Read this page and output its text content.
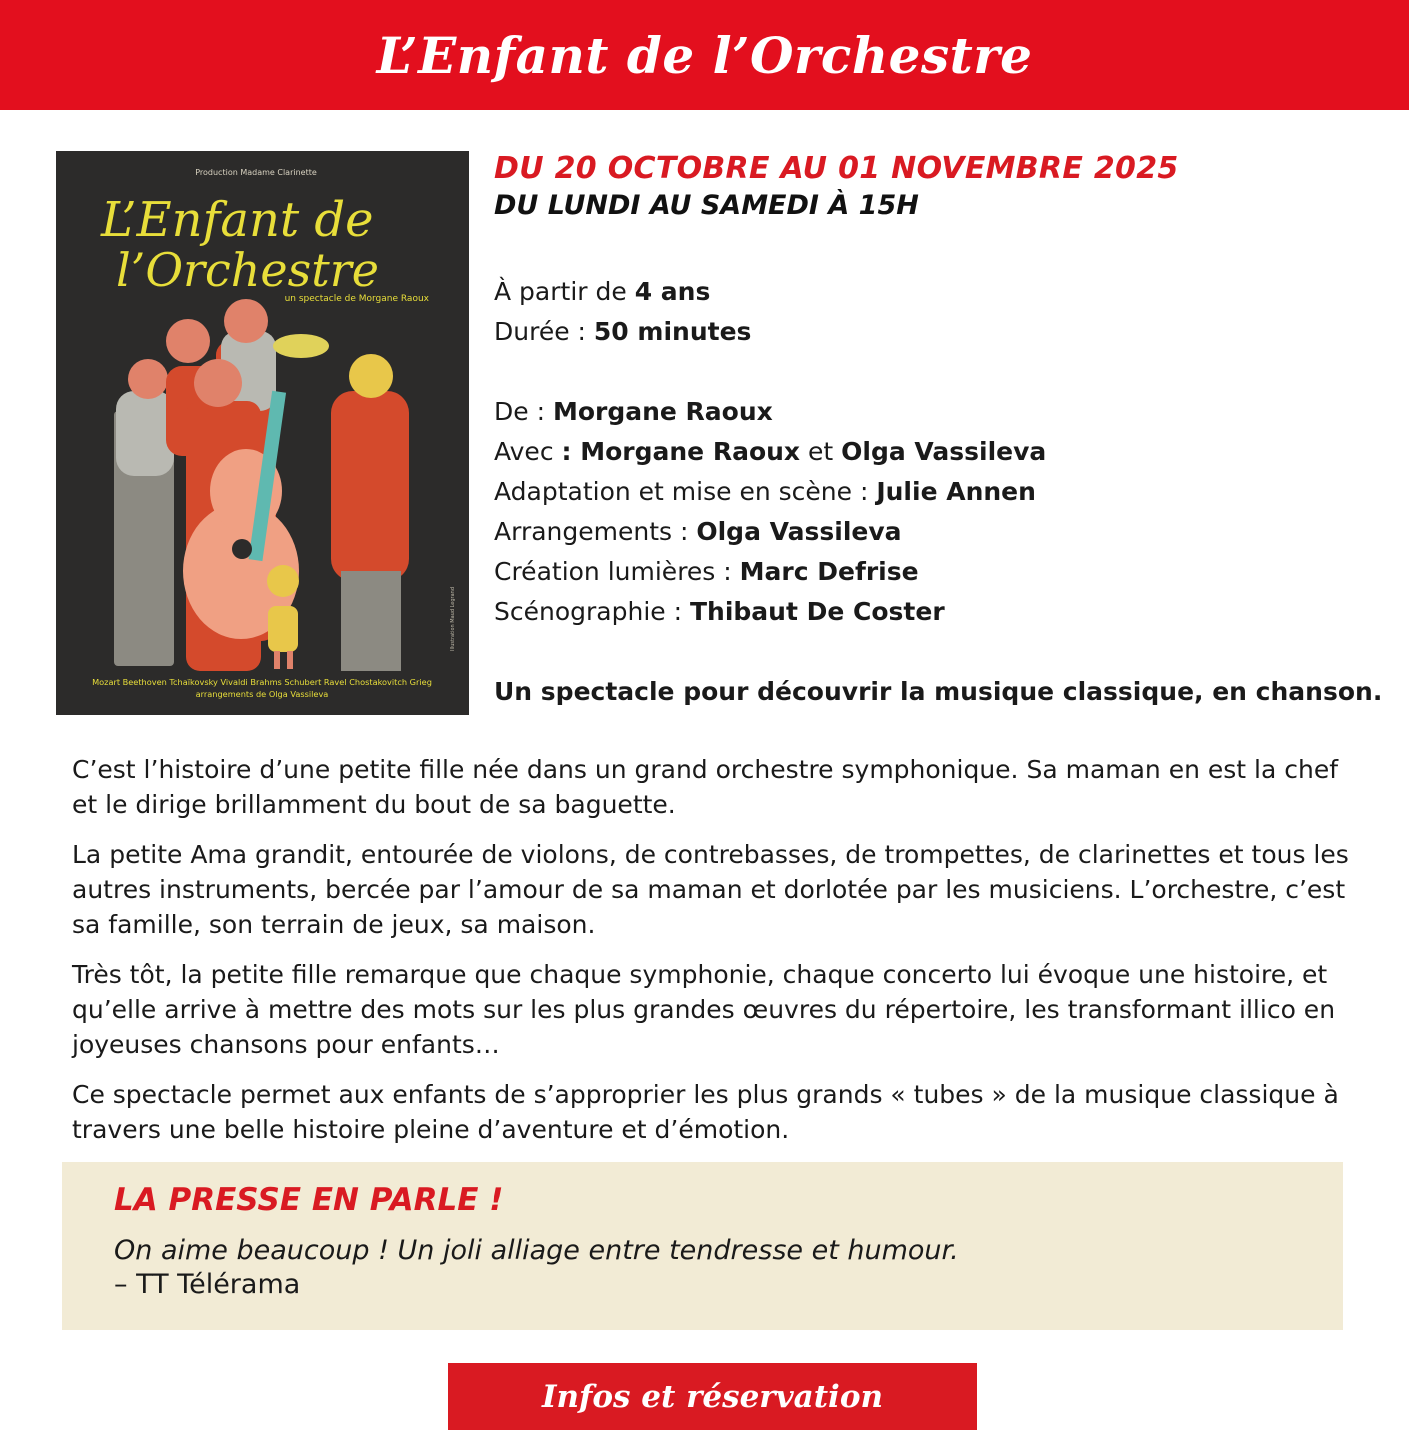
L’Enfant de l’Orchestre
Production Madame Clarinette
L’Enfant de
l’Orchestre
un spectacle de Morgane Raoux
Illustration Maud Legrand
Mozart Beethoven Tchaïkovsky Vivaldi Brahms Schubert Ravel Chostakovitch Grieg
arrangements de Olga Vassileva

DU 20 OCTOBRE AU 01 NOVEMBRE 2025

DU LUNDI AU SAMEDI À 15H

À partir de 4 ans

Durée : 50 minutes

De : Morgane Raoux

Avec : Morgane Raoux et Olga Vassileva

Adaptation et mise en scène : Julie Annen

Arrangements : Olga Vassileva

Création lumières : Marc Defrise

Scénographie : Thibaut De Coster

Un spectacle pour découvrir la musique classique, en chanson.

C’est l’histoire d’une petite fille née dans un grand orchestre symphonique. Sa maman en est la chef et le dirige brillamment du bout de sa baguette.

La petite Ama grandit, entourée de violons, de contrebasses, de trompettes, de clarinettes et tous les autres instruments, bercée par l’amour de sa maman et dorlotée par les musiciens. L’orchestre, c’est sa famille, son terrain de jeux, sa maison.

Très tôt, la petite fille remarque que chaque symphonie, chaque concerto lui évoque une histoire, et qu’elle arrive à mettre des mots sur les plus grandes œuvres du répertoire, les transformant illico en joyeuses chansons pour enfants…

Ce spectacle permet aux enfants de s’approprier les plus grands « tubes » de la musique classique à travers une belle histoire pleine d’aventure et d’émotion.

LA PRESSE EN PARLE !

On aime beaucoup ! Un joli alliage entre tendresse et humour.

– TT Télérama

Infos et réservation
